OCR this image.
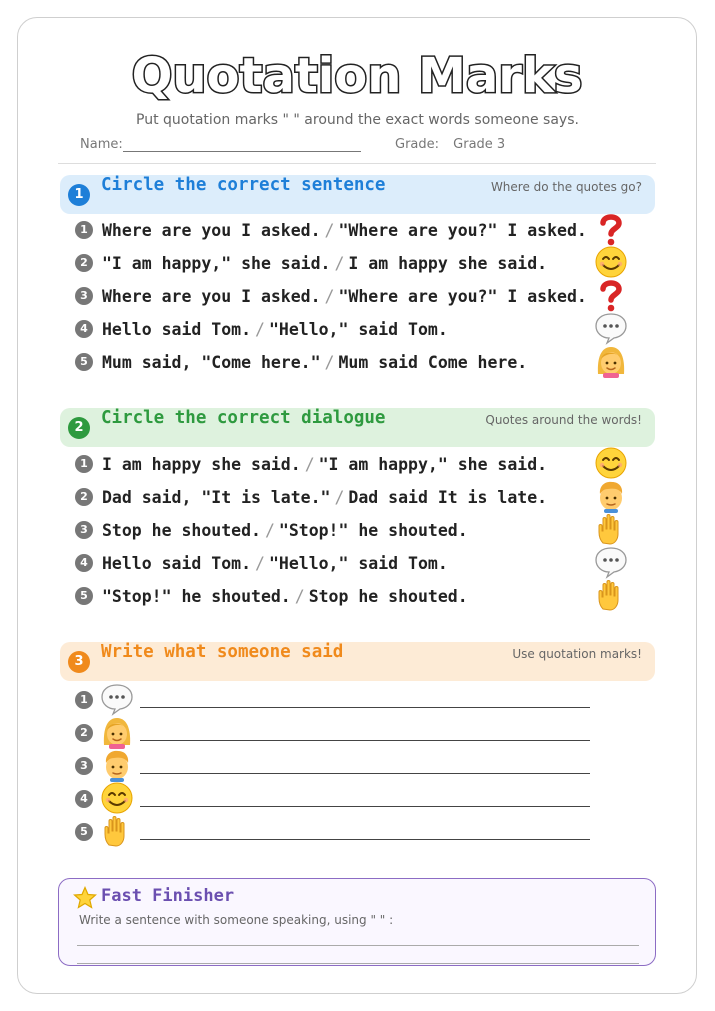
Quotation Marks
Put quotation marks " " around the exact words someone says.
Name:	Grade: Grade 3
1 Circle the correct sentence	Where do the quotes go?
1 Where are you I asked. / "Where are you?" I asked.
2 "I am happy," she said. / I am happy she said.
3 Where are you I asked. / "Where are you?" I asked.
4 Hello said Tom. / "Hello," said Tom.
5 Mum said, "Come here." / Mum said Come here.
2 Circle the correct dialogue	Quotes around the words!
1 I am happy she said. / "I am happy," she said.
2 Dad said, "It is late." / Dad said It is late.
3 Stop he shouted. / "Stop!" he shouted.
4 Hello said Tom. / "Hello," said Tom.
5 "Stop!" he shouted. / Stop he shouted.
3 Write what someone said	Use quotation marks!
1
2
3
4
5
Fast Finisher
Write a sentence with someone speaking, using " " :
